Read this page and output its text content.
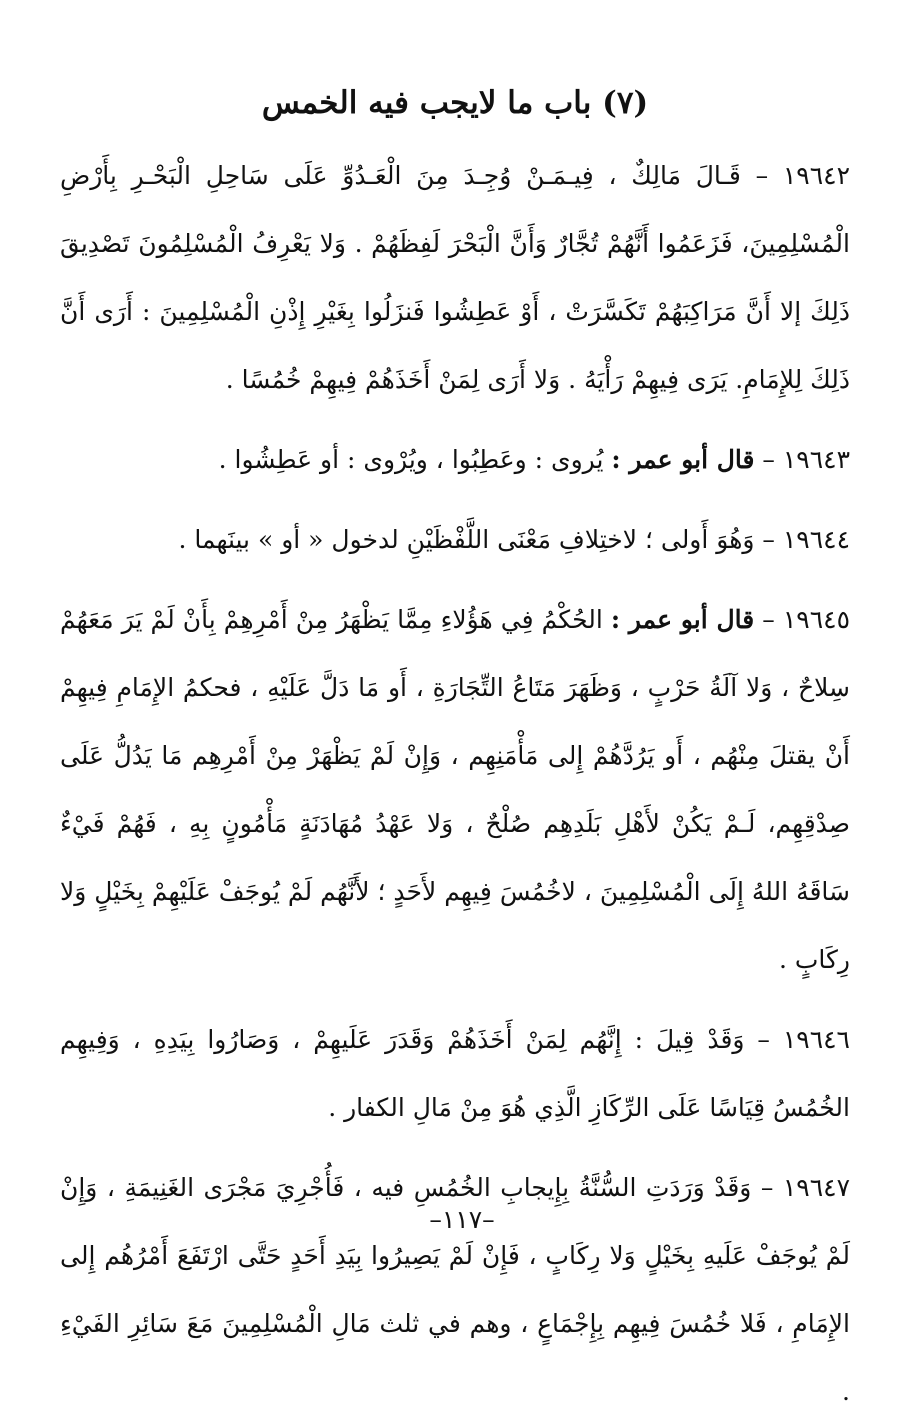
(٧) باب ما لايجب فيه الخمس

١٩٦٤٢ – قَـالَ مَالِكٌ ، فِيـمَـنْ وُجِـدَ مِنَ الْعَـدُوِّ عَلَى سَاحِلِ الْبَحْـرِ بِأَرْضِ الْمُسْلِمِينَ، فَزَعَمُوا أَنَّهُمْ تُجَّارٌ وَأَنَّ الْبَحْرَ لَفِظَهُمْ . وَلا يَعْرِفُ الْمُسْلِمُونَ تَصْدِيقَ ذَلِكَ إلا أَنَّ مَرَاكِبَهُمْ تَكَسَّرَتْ ، أَوْ عَطِشُوا فَنزَلُوا بِغَيْرِ إِذْنِ الْمُسْلِمِينَ : أَرَى أَنَّ ذَلِكَ لِلإِمَامِ. يَرَى فِيهِمْ رَأْيَهُ . وَلا أَرَى لِمَنْ أَخَذَهُمْ فِيهِمْ خُمُسًا .

١٩٦٤٣ – قال أبو عمر : يُروى : وعَطِبُوا ، ويُرْوى : أو عَطِشُوا .

١٩٦٤٤ – وَهُوَ أَولى ؛ لاختِلافِ مَعْنَى اللَّفْظَيْنِ لدخول « أو » بينَهما .

١٩٦٤٥ – قال أبو عمر : الحُكْمُ فِي هَؤُلاءِ مِمَّا يَظْهَرُ مِنْ أَمْرِهِمْ بِأَنْ لَمْ يَرَ مَعَهُمْ سِلاحٌ ، وَلا آلَةُ حَرْبٍ ، وَظَهَرَ مَتَاعُ التِّجَارَةِ ، أَو مَا دَلَّ عَلَيْهِ ، فحكمُ الإِمَامِ فِيهِمْ أَنْ يقتلَ مِنْهُم ، أَو يَرُدَّهُمْ إِلى مَأْمَنِهِم ، وَإِنْ لَمْ يَظْهَرْ مِنْ أَمْرِهِم مَا يَدُلُّ عَلَى صِدْقِهِم، لَـمْ يَكُنْ لأَهْلِ بَلَدِهِم صُلْحٌ ، وَلا عَهْدُ مُهَادَنَةٍ مَأْمُونٍ بِهِ ، فَهُمْ فَيْءٌ سَاقَهُ اللهُ إِلَى الْمُسْلِمِينَ ، لاخُمُسَ فِيهِم لأَحَدٍ ؛ لأَنَّهُم لَمْ يُوجَفْ عَلَيْهِمْ بِخَيْلٍ وَلا رِكَابٍ .

١٩٦٤٦ – وَقَدْ قِيلَ : إِنَّهُم لِمَنْ أَخَذَهُمْ وَقَدَرَ عَلَيهِمْ ، وَصَارُوا بِيَدِهِ ، وَفِيهِم الخُمُسُ قِيَاسًا عَلَى الرِّكَازِ الَّذِي هُوَ مِنْ مَالِ الكفار .

١٩٦٤٧ – وَقَدْ وَرَدَتِ السُّنَّةُ بِإِيجابِ الخُمُسِ فيه ، فَأُجْرِيَ مَجْرَى الغَنِيمَةِ ، وَإِنْ لَمْ يُوجَفْ عَلَيهِ بِخَيْلٍ وَلا رِكَابٍ ، فَإِنْ لَمْ يَصِيرُوا بِيَدِ أَحَدٍ حَتَّى ارْتَفَعَ أَمْرُهُم إِلى الإِمَامِ ، فَلا خُمُسَ فِيهِم بِإِجْمَاعٍ ، وهم في ثلث مَالِ الْمُسْلِمِينَ مَعَ سَائِرِ الفَيْءِ .

–١١٧–
